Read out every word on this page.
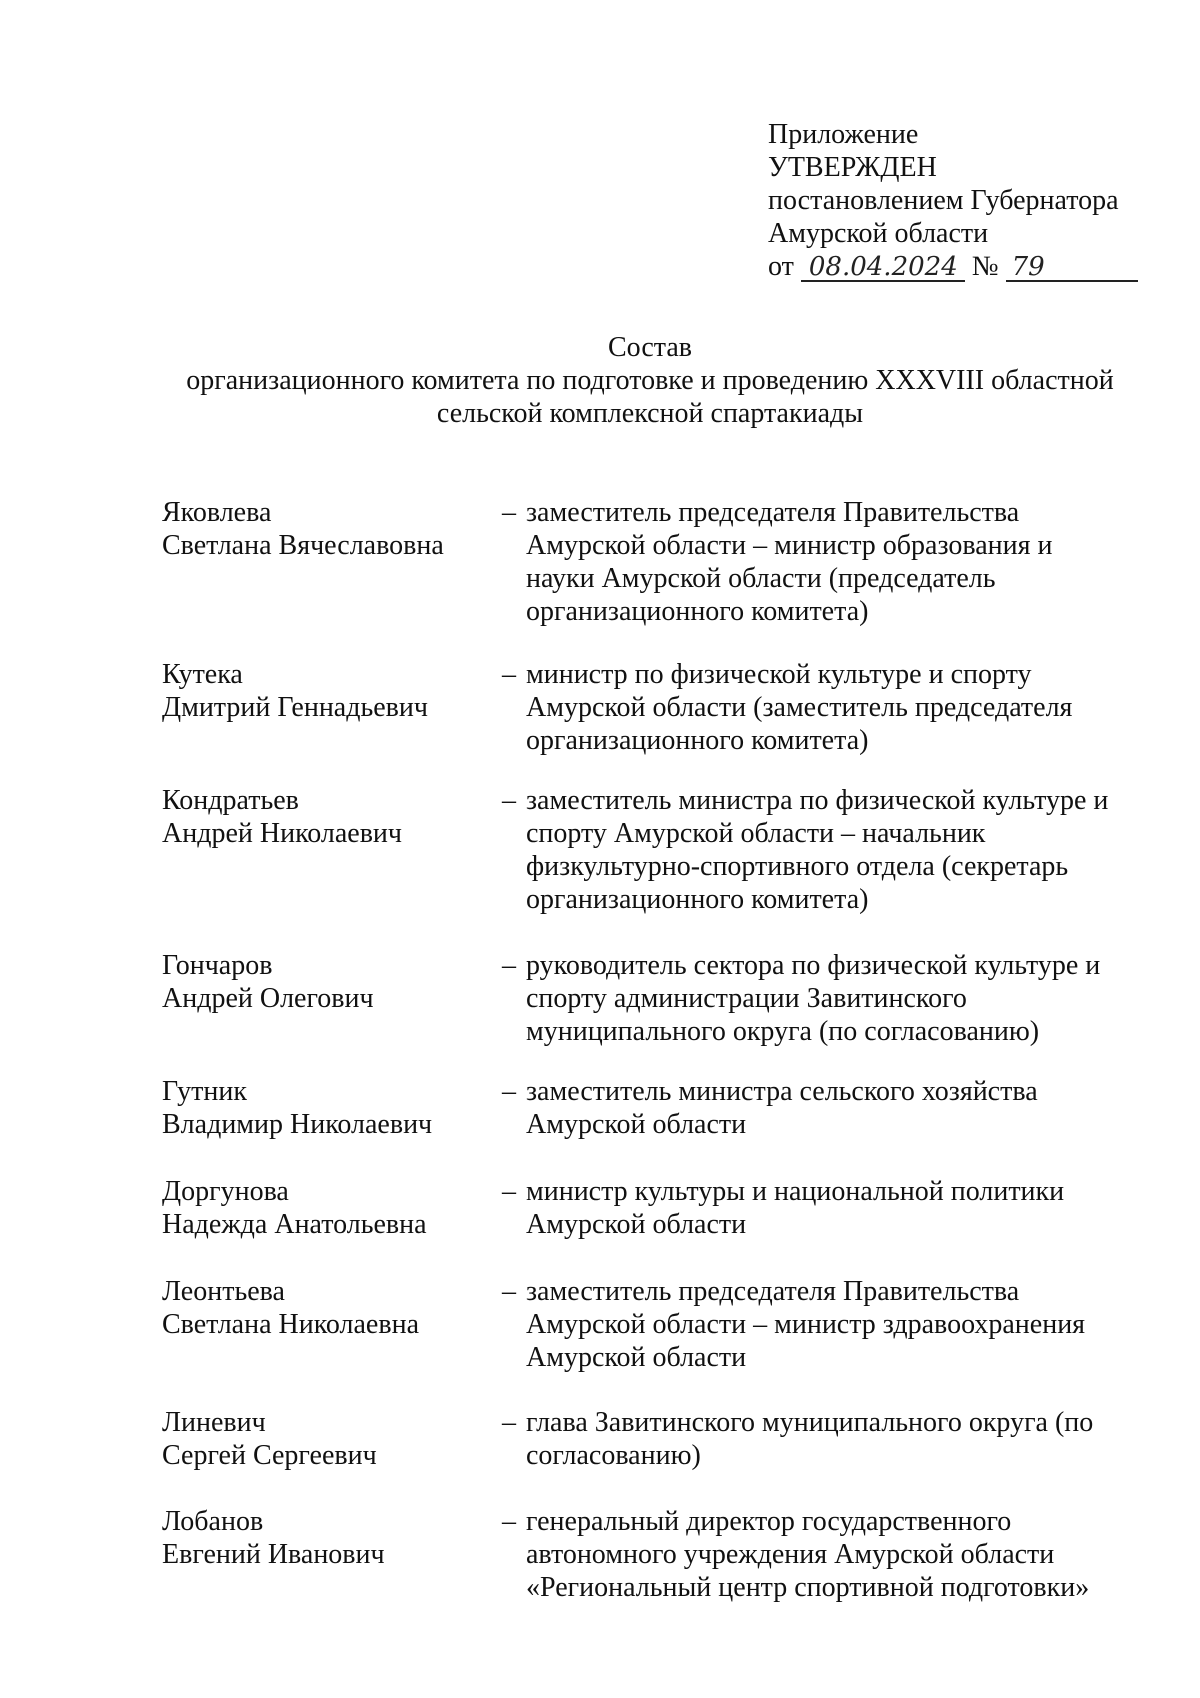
Приложение
УТВЕРЖДЕН
постановлением Губернатора
Амурской области
от 08.04.2024 № 79
Состав
организационного комитета по подготовке и проведению XXXVIII областной
сельской комплексной спартакиады
Яковлева
Светлана Вячеславовна
– заместитель председателя Правительства
Амурской области – министр образования и
науки Амурской области (председатель
организационного комитета)
Кутека
Дмитрий Геннадьевич
– министр по физической культуре и спорту
Амурской области (заместитель председателя
организационного комитета)
Кондратьев
Андрей Николаевич
– заместитель министра по физической культуре и
спорту Амурской области – начальник
физкультурно-спортивного отдела (секретарь
организационного комитета)
Гончаров
Андрей Олегович
– руководитель сектора по физической культуре и
спорту администрации Завитинского
муниципального округа (по согласованию)
Гутник
Владимир Николаевич
– заместитель министра сельского хозяйства
Амурской области
Доргунова
Надежда Анатольевна
– министр культуры и национальной политики
Амурской области
Леонтьева
Светлана Николаевна
– заместитель председателя Правительства
Амурской области – министр здравоохранения
Амурской области
Линевич
Сергей Сергеевич
– глава Завитинского муниципального округа (по
согласованию)
Лобанов
Евгений Иванович
– генеральный директор государственного
автономного учреждения Амурской области
«Региональный центр спортивной подготовки»
